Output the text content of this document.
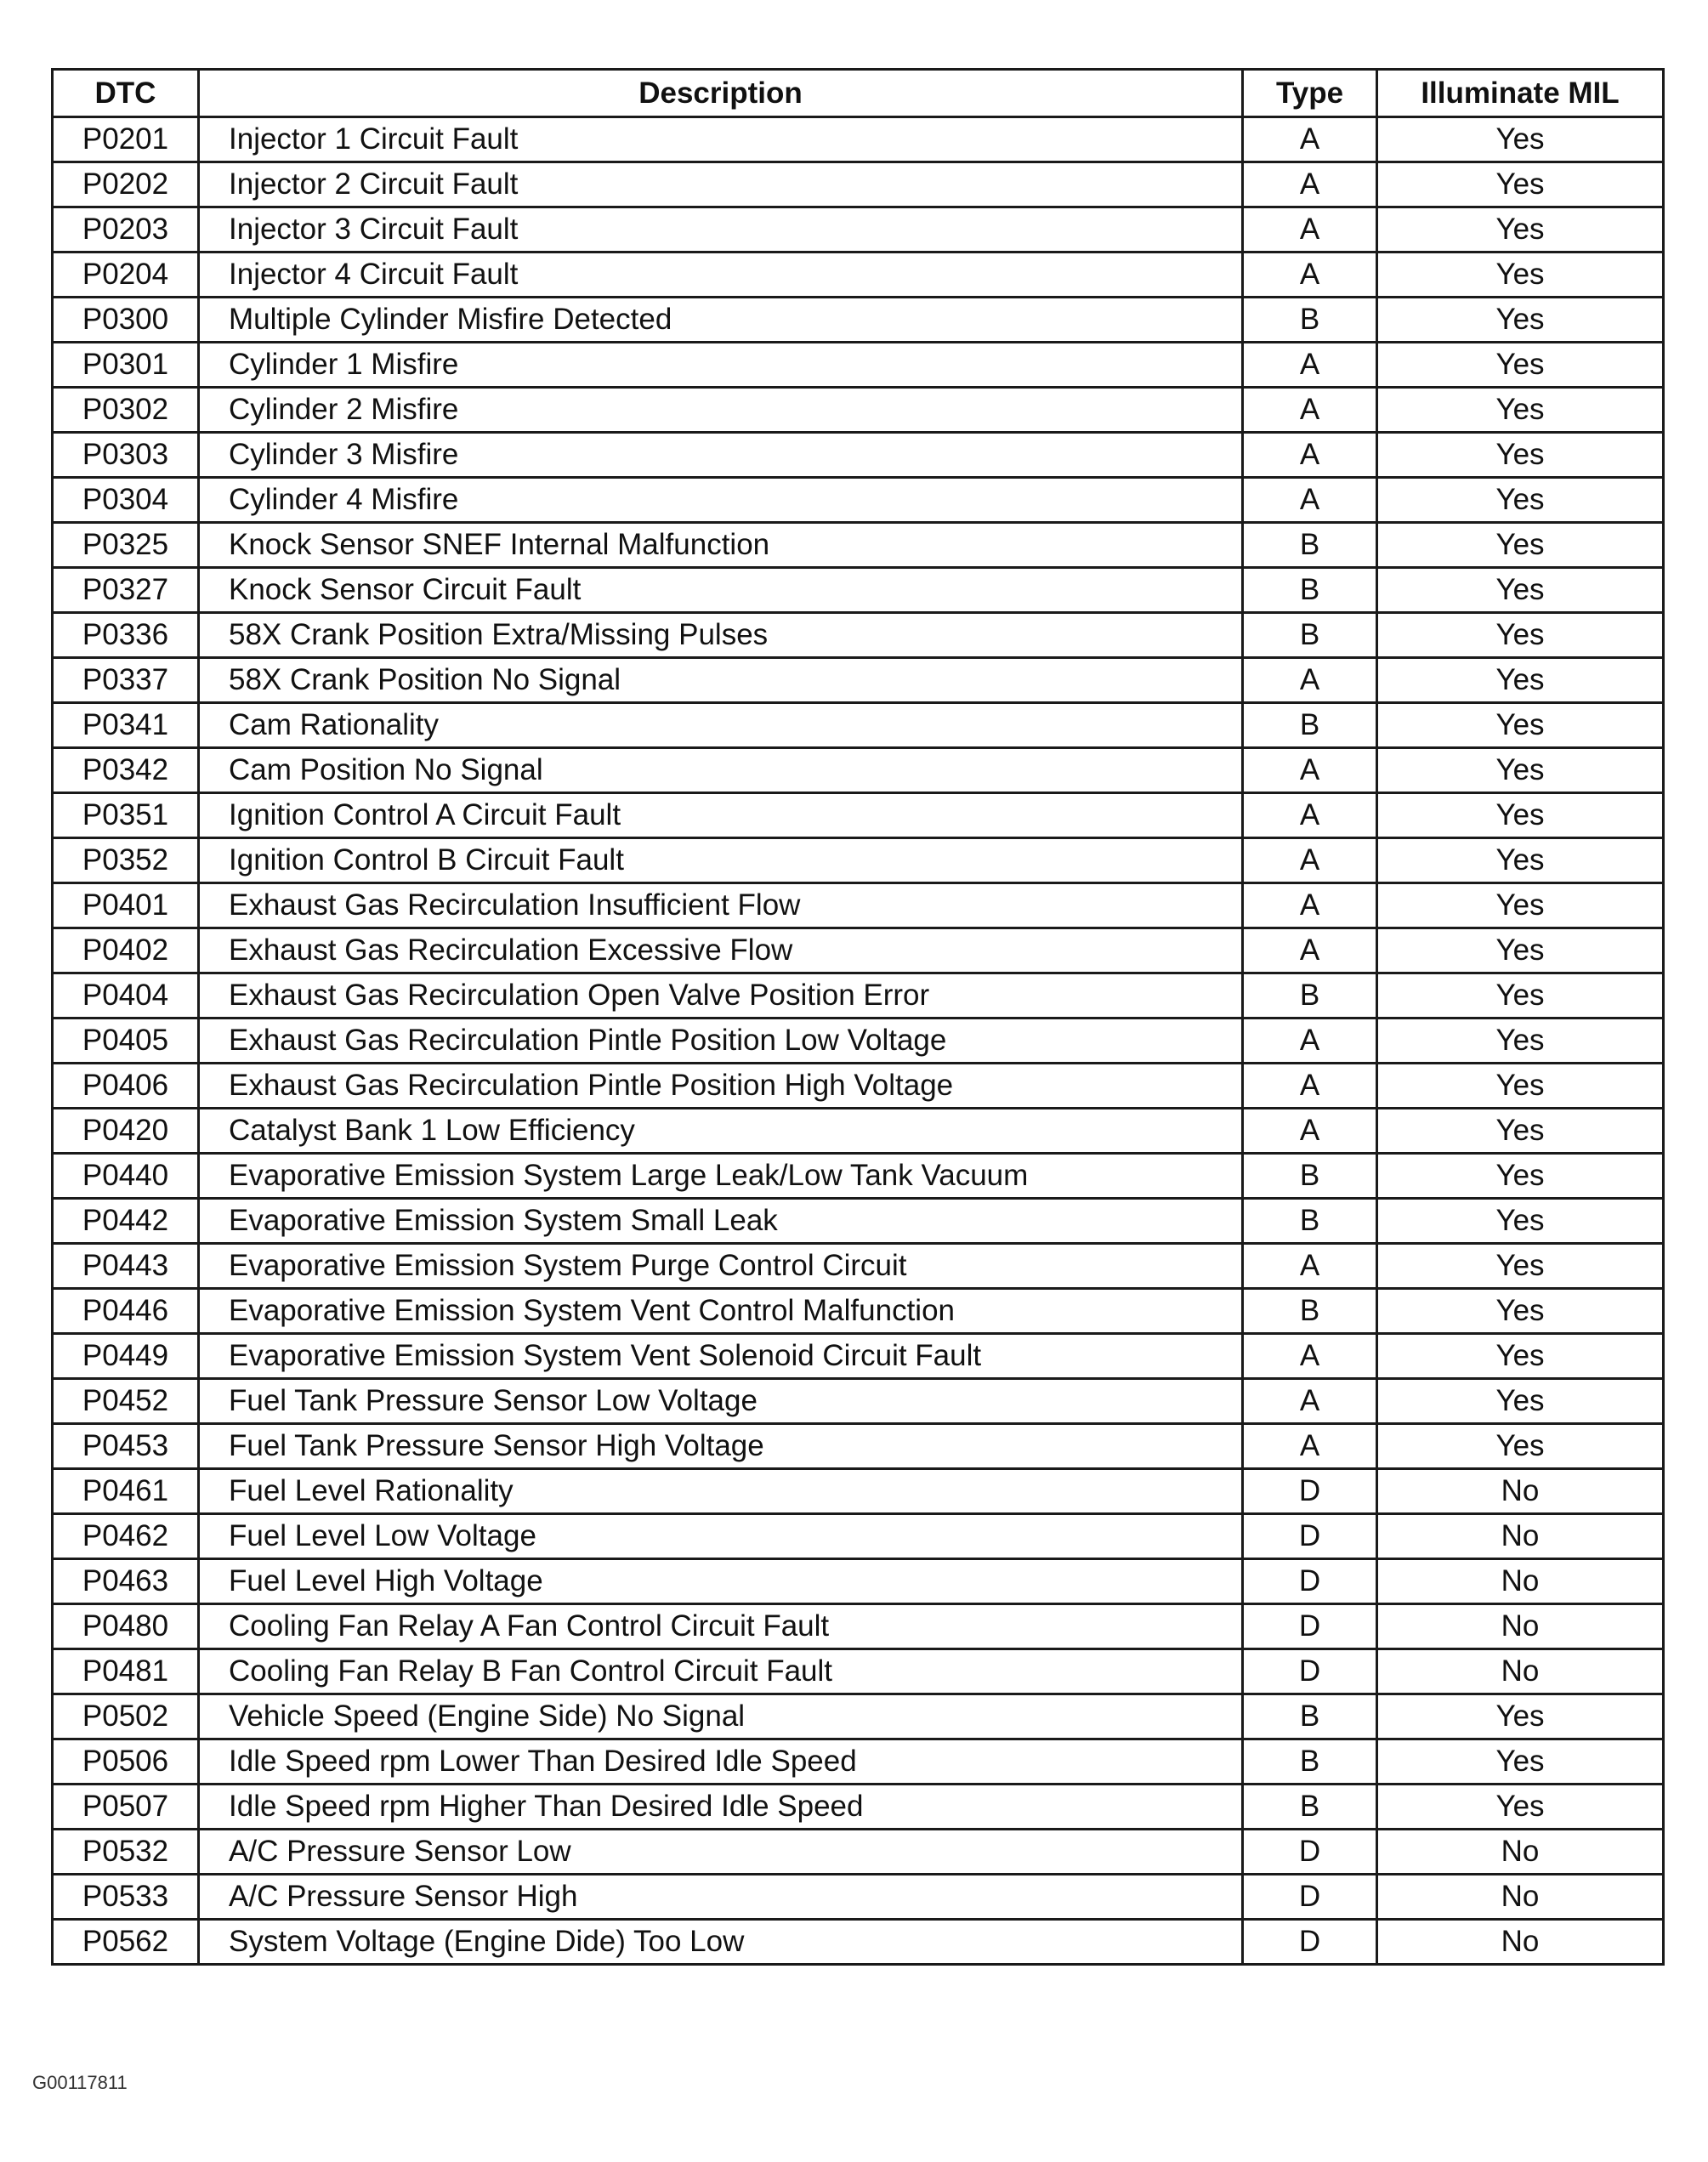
DTC	Description	Type	Illuminate MIL
P0201	Injector 1 Circuit Fault	A	Yes
P0202	Injector 2 Circuit Fault	A	Yes
P0203	Injector 3 Circuit Fault	A	Yes
P0204	Injector 4 Circuit Fault	A	Yes
P0300	Multiple Cylinder Misfire Detected	B	Yes
P0301	Cylinder 1 Misfire	A	Yes
P0302	Cylinder 2 Misfire	A	Yes
P0303	Cylinder 3 Misfire	A	Yes
P0304	Cylinder 4 Misfire	A	Yes
P0325	Knock Sensor SNEF Internal Malfunction	B	Yes
P0327	Knock Sensor Circuit Fault	B	Yes
P0336	58X Crank Position Extra/Missing Pulses	B	Yes
P0337	58X Crank Position No Signal	A	Yes
P0341	Cam Rationality	B	Yes
P0342	Cam Position No Signal	A	Yes
P0351	Ignition Control A Circuit Fault	A	Yes
P0352	Ignition Control B Circuit Fault	A	Yes
P0401	Exhaust Gas Recirculation Insufficient Flow	A	Yes
P0402	Exhaust Gas Recirculation Excessive Flow	A	Yes
P0404	Exhaust Gas Recirculation Open Valve Position Error	B	Yes
P0405	Exhaust Gas Recirculation Pintle Position Low Voltage	A	Yes
P0406	Exhaust Gas Recirculation Pintle Position High Voltage	A	Yes
P0420	Catalyst Bank 1 Low Efficiency	A	Yes
P0440	Evaporative Emission System Large Leak/Low Tank Vacuum	B	Yes
P0442	Evaporative Emission System Small Leak	B	Yes
P0443	Evaporative Emission System Purge Control Circuit	A	Yes
P0446	Evaporative Emission System Vent Control Malfunction	B	Yes
P0449	Evaporative Emission System Vent Solenoid Circuit Fault	A	Yes
P0452	Fuel Tank Pressure Sensor Low Voltage	A	Yes
P0453	Fuel Tank Pressure Sensor High Voltage	A	Yes
P0461	Fuel Level Rationality	D	No
P0462	Fuel Level Low Voltage	D	No
P0463	Fuel Level High Voltage	D	No
P0480	Cooling Fan Relay A Fan Control Circuit Fault	D	No
P0481	Cooling Fan Relay B Fan Control Circuit Fault	D	No
P0502	Vehicle Speed (Engine Side) No Signal	B	Yes
P0506	Idle Speed rpm Lower Than Desired Idle Speed	B	Yes
P0507	Idle Speed rpm Higher Than Desired Idle Speed	B	Yes
P0532	A/C Pressure Sensor Low	D	No
P0533	A/C Pressure Sensor High	D	No
P0562	System Voltage (Engine Dide) Too Low	D	No
G00117811
